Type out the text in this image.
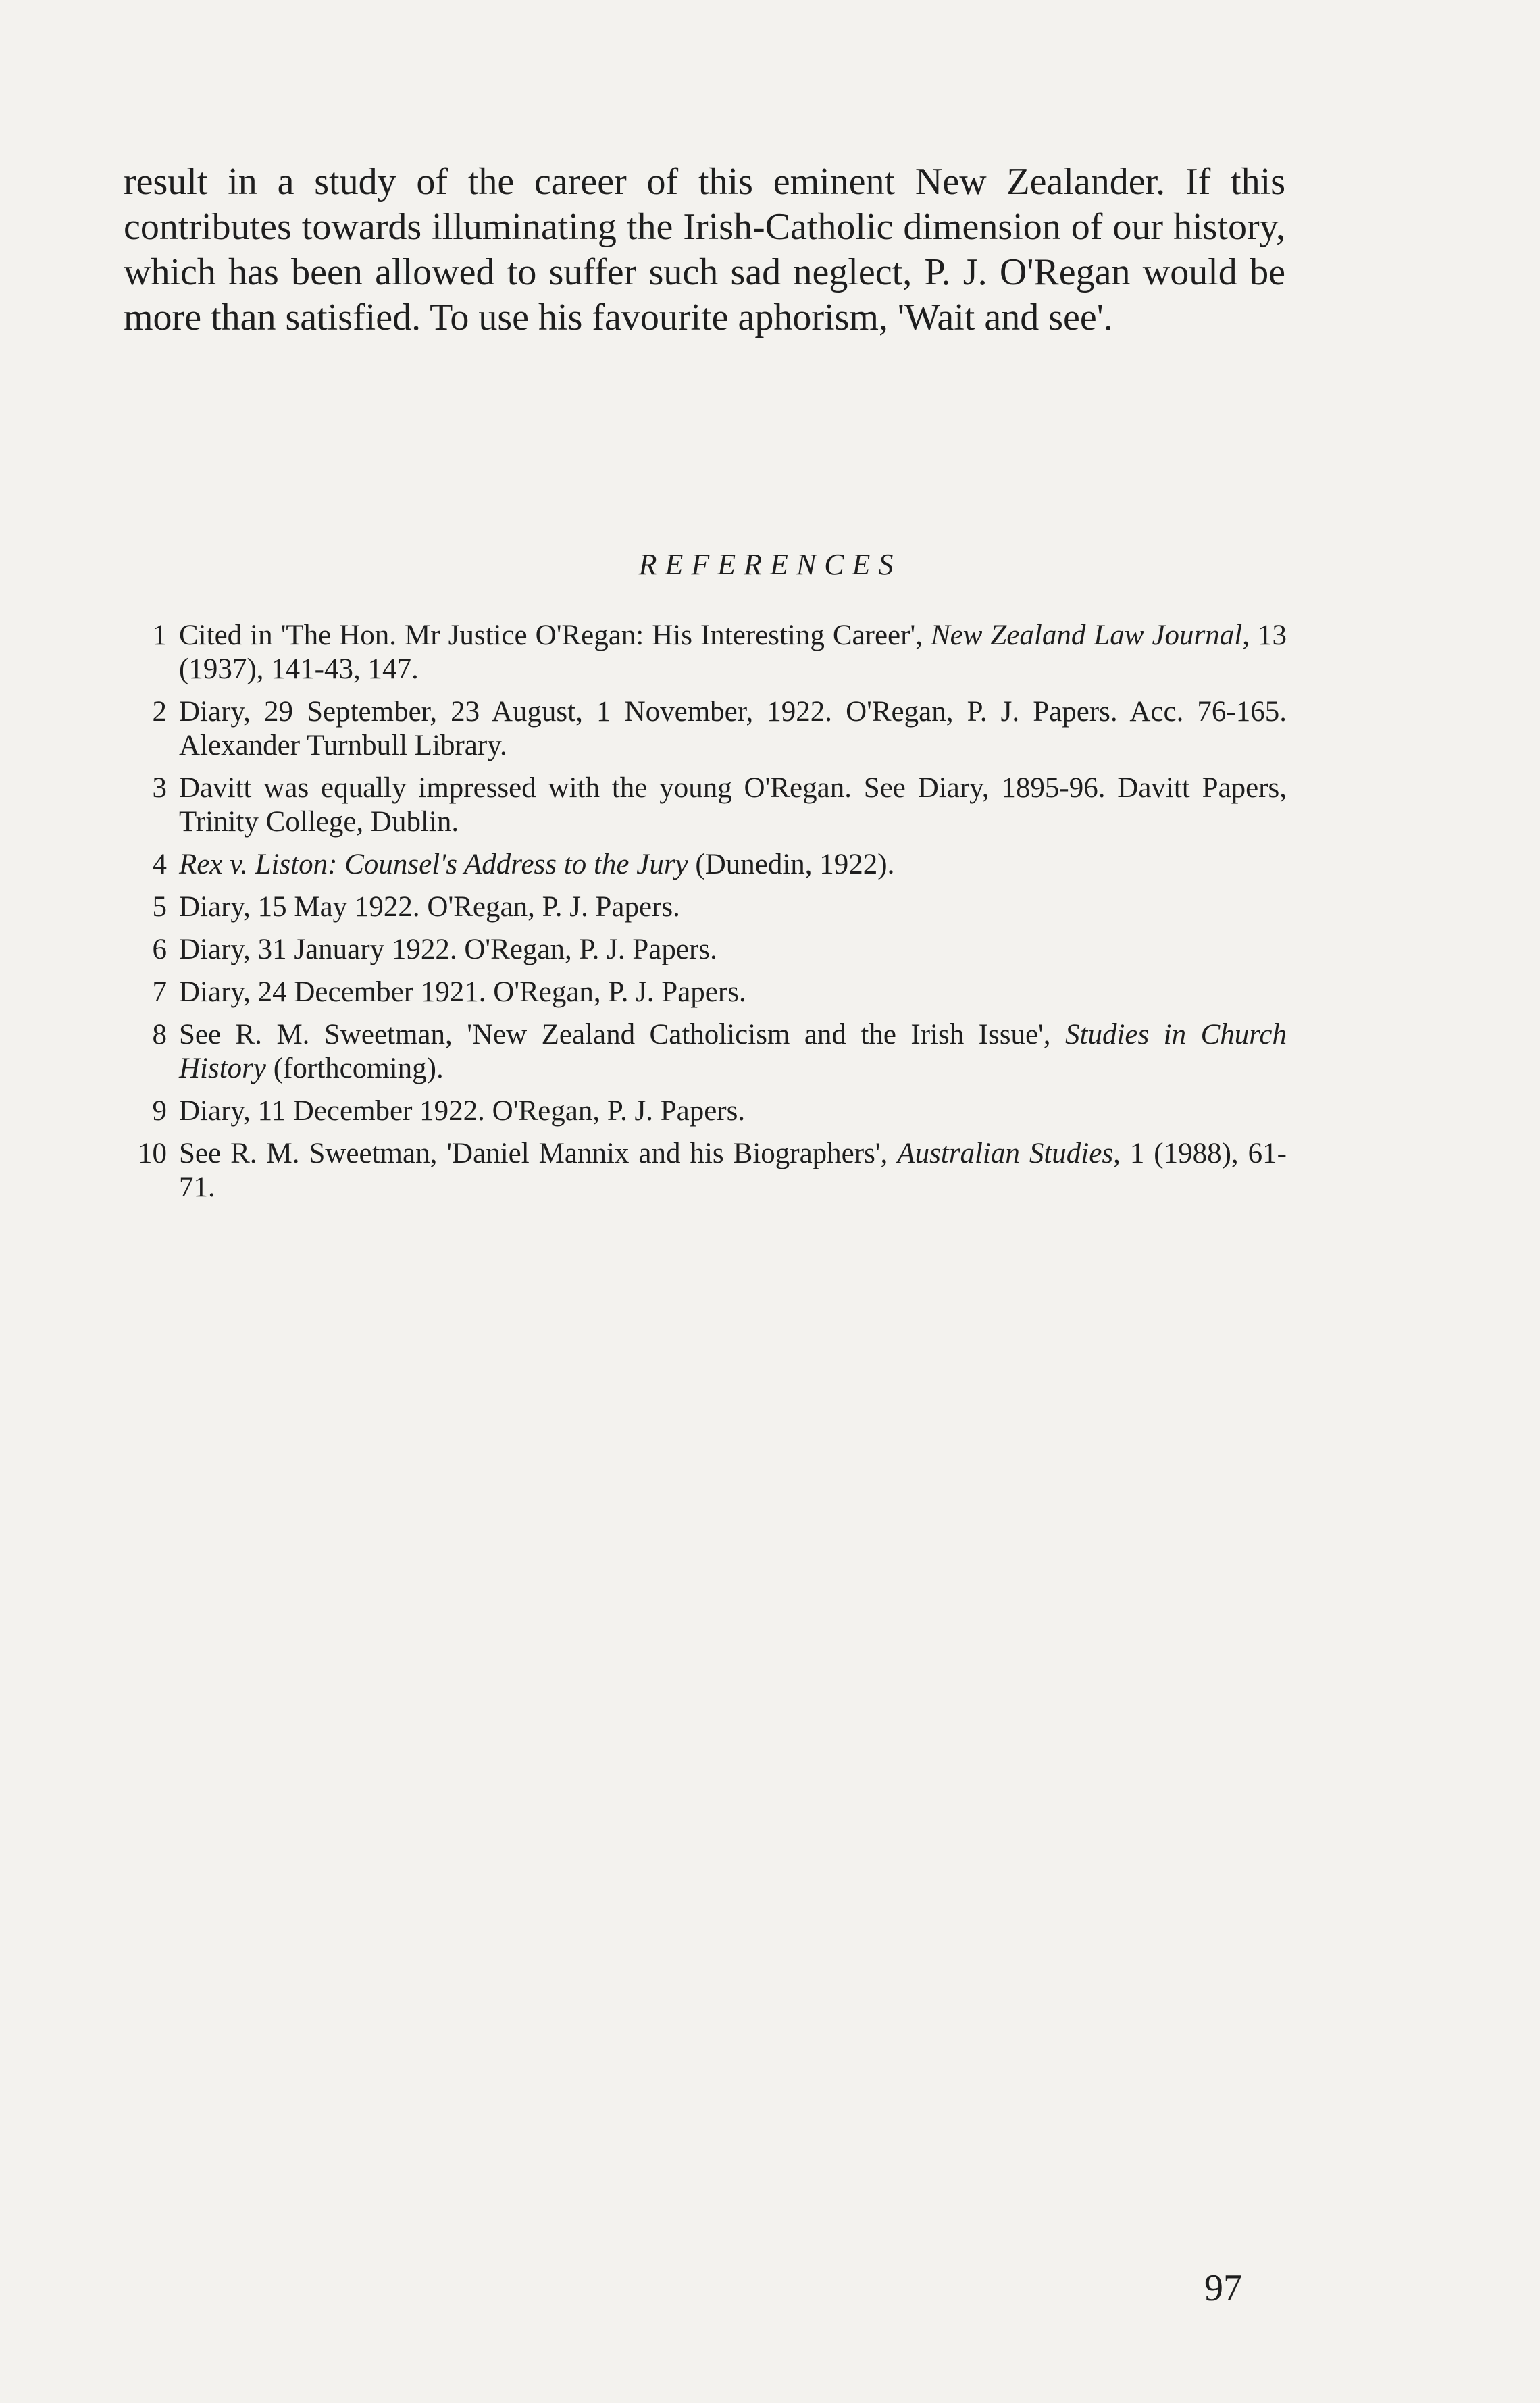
result in a study of the career of this eminent New Zealander. If this contributes towards illuminating the Irish-Catholic dimension of our history, which has been allowed to suffer such sad neglect, P. J. O'Regan would be more than satisfied. To use his favourite aphorism, 'Wait and see'.

REFERENCES
1 Cited in 'The Hon. Mr Justice O'Regan: His Interesting Career', New Zealand Law Journal, 13 (1937), 141-43, 147.
2 Diary, 29 September, 23 August, 1 November, 1922. O'Regan, P. J. Papers. Acc. 76-165. Alexander Turnbull Library.
3 Davitt was equally impressed with the young O'Regan. See Diary, 1895-96. Davitt Papers, Trinity College, Dublin.
4 Rex v. Liston: Counsel's Address to the Jury (Dunedin, 1922).
5 Diary, 15 May 1922. O'Regan, P. J. Papers.
6 Diary, 31 January 1922. O'Regan, P. J. Papers.
7 Diary, 24 December 1921. O'Regan, P. J. Papers.
8 See R. M. Sweetman, 'New Zealand Catholicism and the Irish Issue', Studies in Church History (forthcoming).
9 Diary, 11 December 1922. O'Regan, P. J. Papers.
10 See R. M. Sweetman, 'Daniel Mannix and his Biographers', Australian Studies, 1 (1988), 61-71.
97
